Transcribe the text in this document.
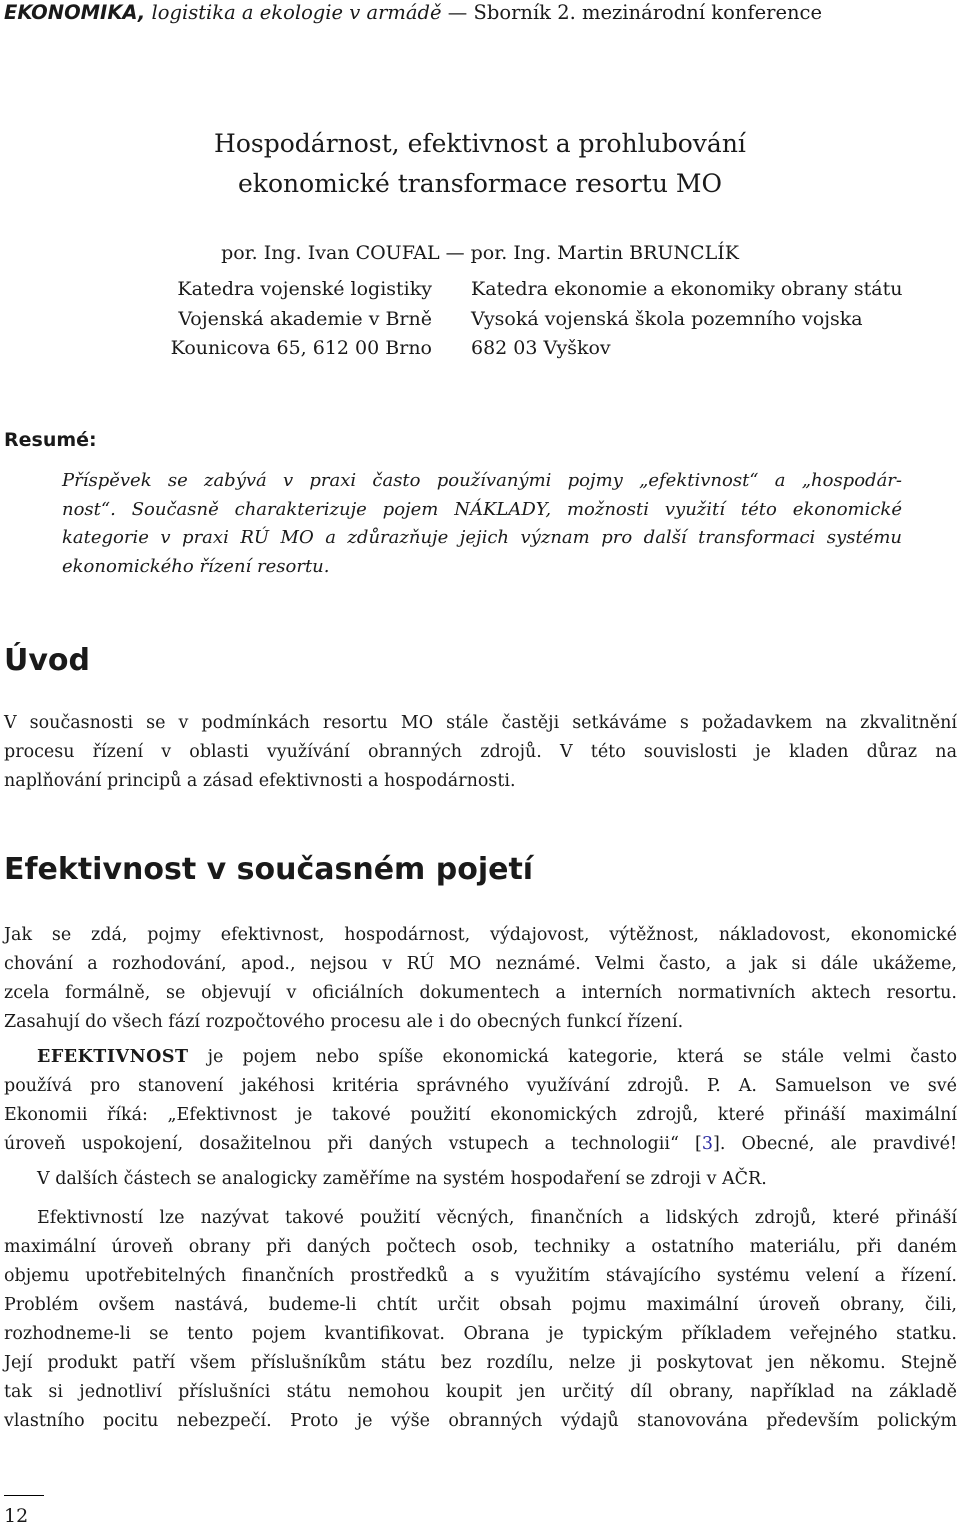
EKONOMIKA, logistika a ekologie v armádě — Sborník 2. mezinárodní konference
Hospodárnost, efektivnost a prohlubování
ekonomické transformace resortu MO
por. Ing. Ivan COUFAL — por. Ing. Martin BRUNCLÍK
Katedra vojenské logistiky
Vojenská akademie v Brně
Kounicova 65, 612 00 Brno
Katedra ekonomie a ekonomiky obrany státu
Vysoká vojenská škola pozemního vojska
682 03 Vyškov
Resumé:
Příspěvek se zabývá v praxi často používanými pojmy „efektivnost“ a „hospodár-
nost“. Současně charakterizuje pojem NÁKLADY, možnosti využití této ekonomické
kategorie v praxi RÚ MO a zdůrazňuje jejich význam pro další transformaci systému
ekonomického řízení resortu.
Úvod
V současnosti se v podmínkách resortu MO stále častěji setkáváme s požadavkem na zkvalitnění
procesu řízení v oblasti využívání obranných zdrojů. V této souvislosti je kladen důraz na
naplňování principů a zásad efektivnosti a hospodárnosti.
Efektivnost v současném pojetí
Jak se zdá, pojmy efektivnost, hospodárnost, výdajovost, výtěžnost, nákladovost, ekonomické
chování a rozhodování, apod., nejsou v RÚ MO neznámé. Velmi často, a jak si dále ukážeme,
zcela formálně, se objevují v oficiálních dokumentech a interních normativních aktech resortu.
Zasahují do všech fází rozpočtového procesu ale i do obecných funkcí řízení.
EFEKTIVNOST je pojem nebo spíše ekonomická kategorie, která se stále velmi často
používá pro stanovení jakéhosi kritéria správného využívání zdrojů. P. A. Samuelson ve své
Ekonomii říká: „Efektivnost je takové použití ekonomických zdrojů, které přináší maximální
úroveň uspokojení, dosažitelnou při daných vstupech a technologii“ [3]. Obecné, ale pravdivé!
V dalších částech se analogicky zaměříme na systém hospodaření se zdroji v AČR.
Efektivností lze nazývat takové použití věcných, finančních a lidských zdrojů, které přináší
maximální úroveň obrany při daných počtech osob, techniky a ostatního materiálu, při daném
objemu upotřebitelných finančních prostředků a s využitím stávajícího systému velení a řízení.
Problém ovšem nastává, budeme-li chtít určit obsah pojmu maximální úroveň obrany, čili,
rozhodneme-li se tento pojem kvantifikovat. Obrana je typickým příkladem veřejného statku.
Její produkt patří všem příslušníkům státu bez rozdílu, nelze ji poskytovat jen někomu. Stejně
tak si jednotliví příslušníci státu nemohou koupit jen určitý díl obrany, například na základě
vlastního pocitu nebezpečí. Proto je výše obranných výdajů stanovována především polickým
12
